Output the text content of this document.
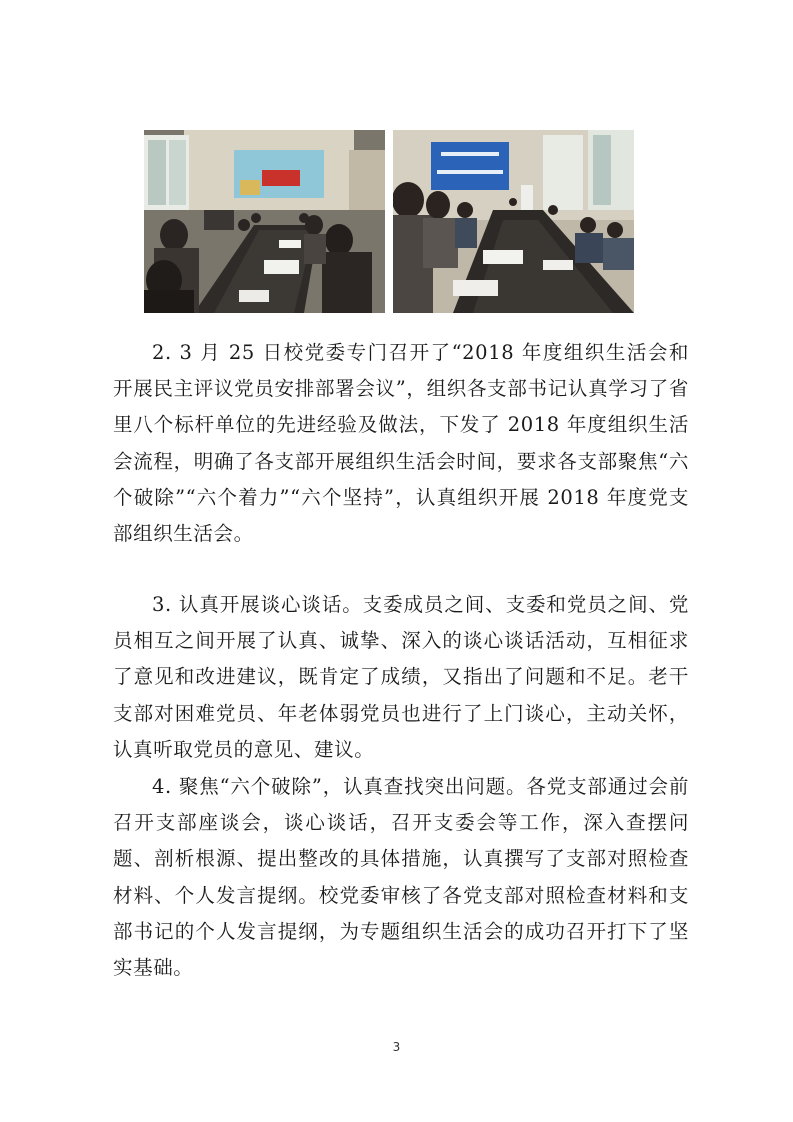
2. 3 月 25 日校党委专门召开了“2018 年度组织生活会和开展民主评议党员安排部署会议”，组织各支部书记认真学习了省里八个标杆单位的先进经验及做法，下发了 2018 年度组织生活会流程，明确了各支部开展组织生活会时间，要求各支部聚焦“六个破除”“六个着力”“六个坚持”，认真组织开展 2018 年度党支部组织生活会。

3. 认真开展谈心谈话。支委成员之间、支委和党员之间、党员相互之间开展了认真、诚挚、深入的谈心谈话活动，互相征求了意见和改进建议，既肯定了成绩，又指出了问题和不足。老干支部对困难党员、年老体弱党员也进行了上门谈心，主动关怀，认真听取党员的意见、建议。

4. 聚焦“六个破除”，认真查找突出问题。各党支部通过会前召开支部座谈会，谈心谈话，召开支委会等工作，深入查摆问题、剖析根源、提出整改的具体措施，认真撰写了支部对照检查材料、个人发言提纲。校党委审核了各党支部对照检查材料和支部书记的个人发言提纲，为专题组织生活会的成功召开打下了坚实基础。

3
